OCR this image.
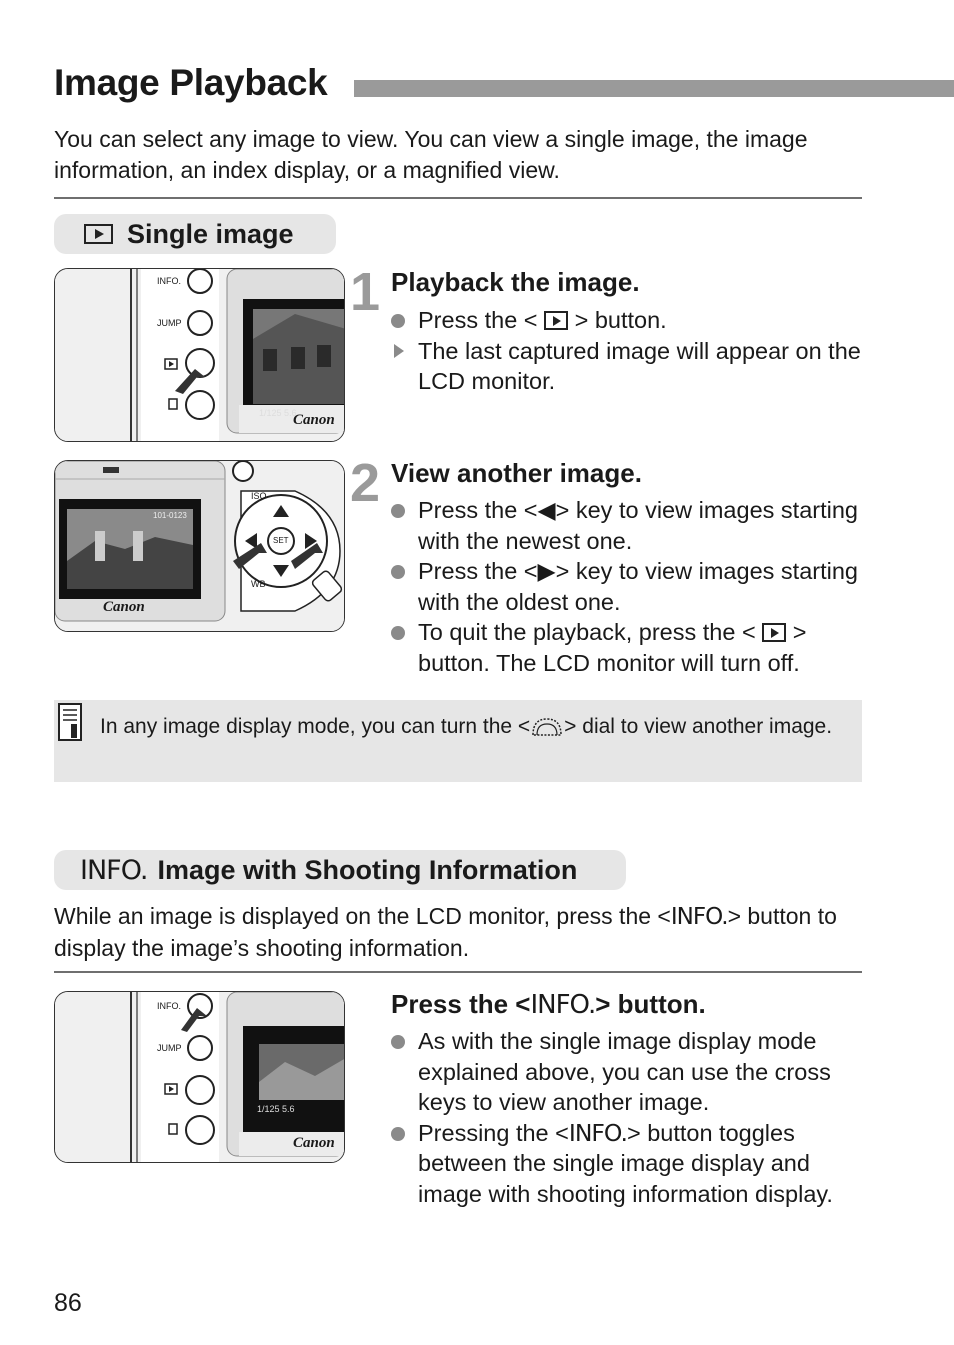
Image Playback
You can select any image to view. You can view a single image, the image information, an index display, or a magnified view.
Single image
INFO.
JUMP
1/125 5.6
Canon
1 Playback the image.
Press the <  > button.
The last captured image will appear on the LCD monitor.
ISO
SET
WB
101-0123
Canon
2 View another image.
Press the <◀> key to view images starting with the newest one.
Press the <▶> key to view images starting with the oldest one.
To quit the playback, press the <  > button. The LCD monitor will turn off.
In any image display mode, you can turn the < > dial to view another image.
INFO. Image with Shooting Information
While an image is displayed on the LCD monitor, press the <INFO.> button to display the image’s shooting information.
INFO.
JUMP
1/125 5.6
Canon
Press the <INFO.> button.
As with the single image display mode explained above, you can use the cross keys to view another image.
Pressing the <INFO.> button toggles between the single image display and image with shooting information display.
86
